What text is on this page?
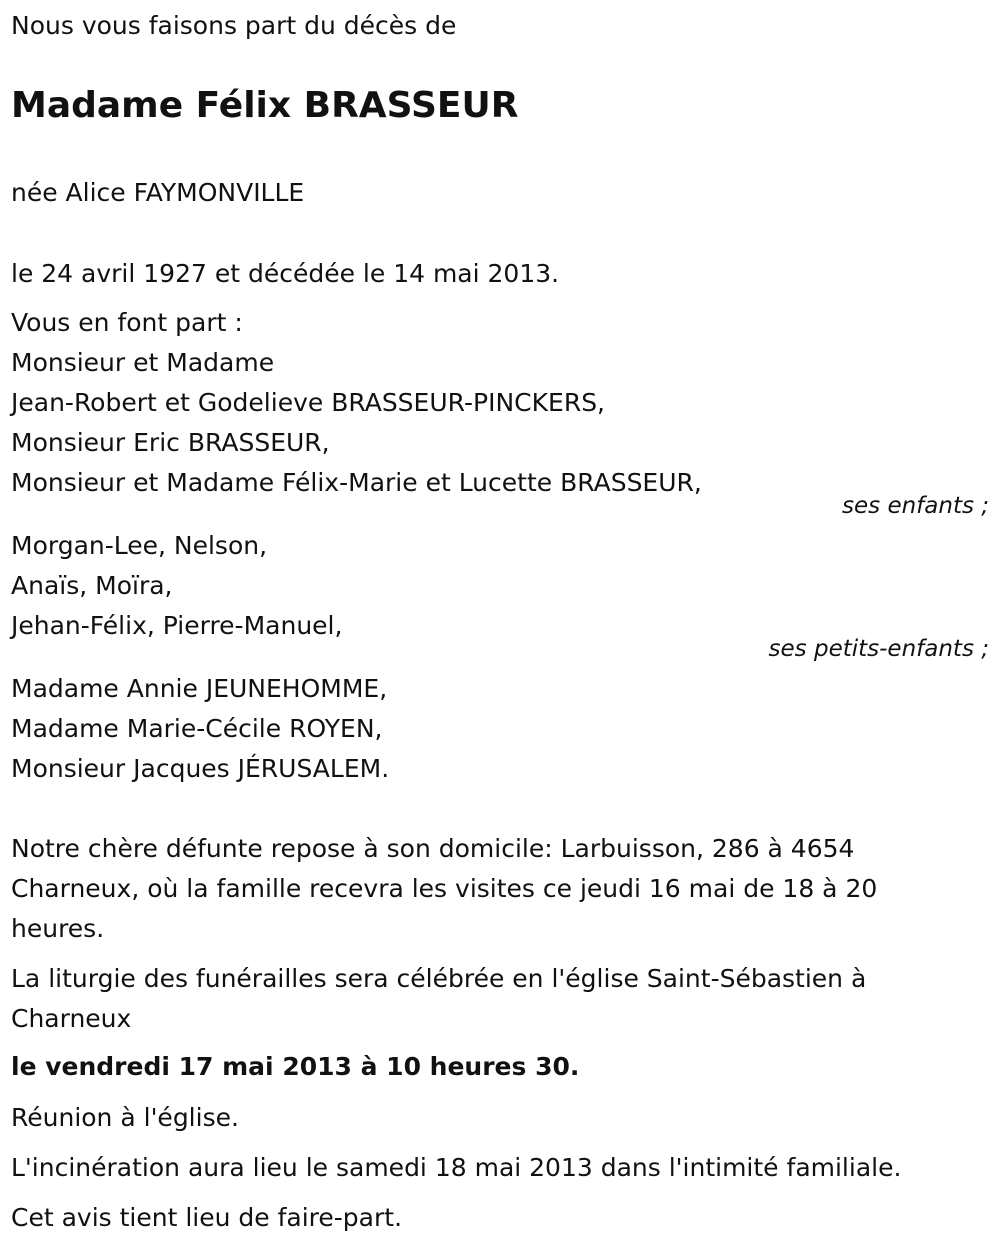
Nous vous faisons part du décès de
Madame Félix BRASSEUR
née Alice FAYMONVILLE
le 24 avril 1927 et décédée le 14 mai 2013.
Vous en font part :
Monsieur et Madame
Jean-Robert et Godelieve BRASSEUR-PINCKERS,
Monsieur Eric BRASSEUR,
Monsieur et Madame Félix-Marie et Lucette BRASSEUR,
ses enfants ;
Morgan-Lee, Nelson,
Anaïs, Moïra,
Jehan-Félix, Pierre-Manuel,
ses petits-enfants ;
Madame Annie JEUNEHOMME,
Madame Marie-Cécile ROYEN,
Monsieur Jacques JÉRUSALEM.
Notre chère défunte repose à son domicile: Larbuisson, 286 à 4654
Charneux, où la famille recevra les visites ce jeudi 16 mai de 18 à 20
heures.
La liturgie des funérailles sera célébrée en l'église Saint-Sébastien à
Charneux
le vendredi 17 mai 2013 à 10 heures 30.
Réunion à l'église.
L'incinération aura lieu le samedi 18 mai 2013 dans l'intimité familiale.
Cet avis tient lieu de faire-part.
